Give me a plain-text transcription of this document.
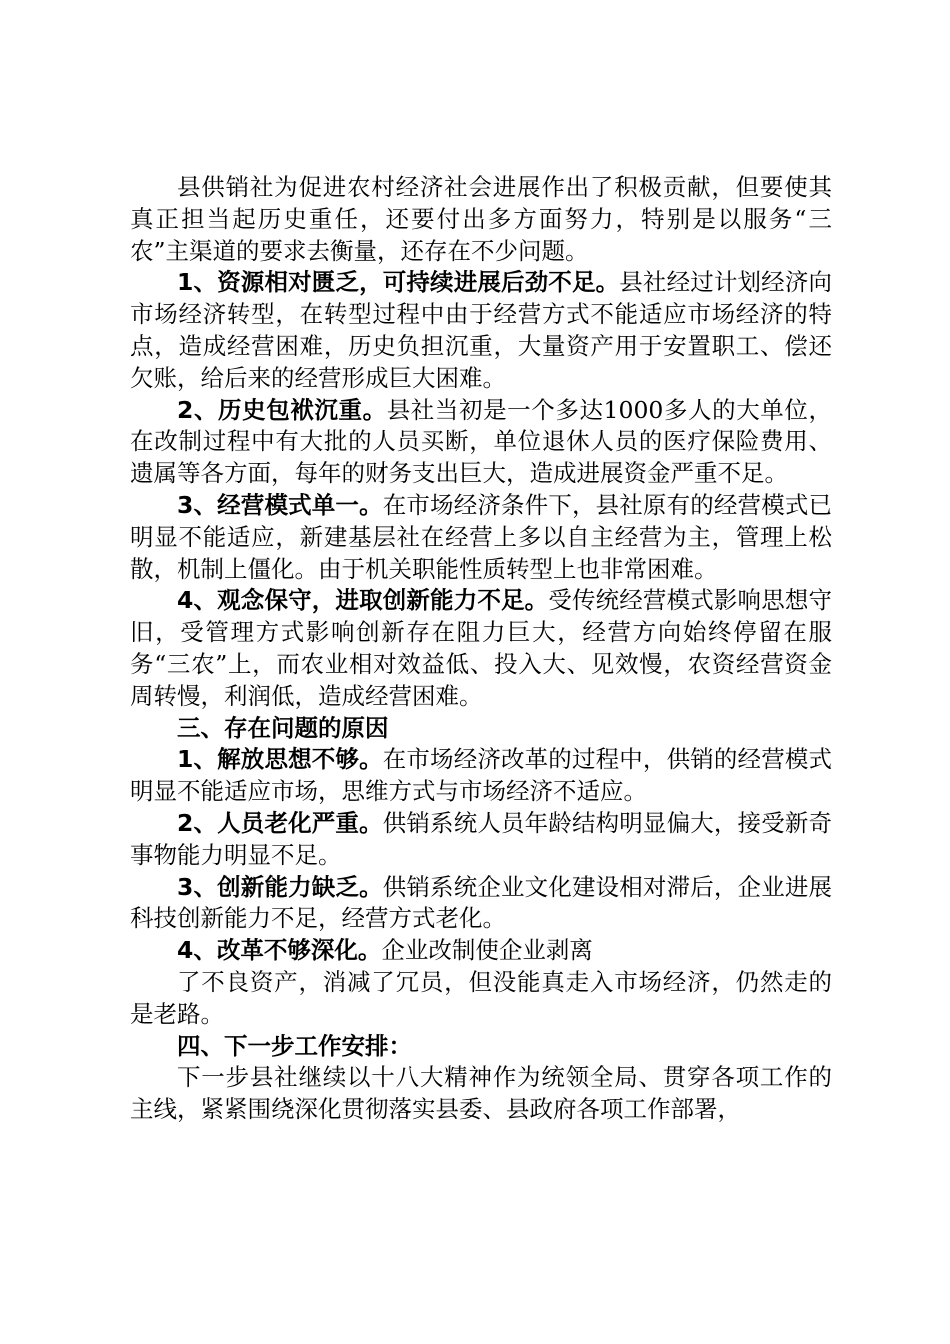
县供销社为促进农村经济社会进展作出了积极贡献，但要使其真正担当起历史重任，还要付出多方面努力，特别是以服务“三农”主渠道的要求去衡量，还存在不少问题。

1、资源相对匮乏，可持续进展后劲不足。县社经过计划经济向市场经济转型，在转型过程中由于经营方式不能适应市场经济的特点，造成经营困难，历史负担沉重，大量资产用于安置职工、偿还欠账，给后来的经营形成巨大困难。

2、历史包袱沉重。县社当初是一个多达1000多人的大单位，在改制过程中有大批的人员买断，单位退休人员的医疗保险费用、遗属等各方面，每年的财务支出巨大，造成进展资金严重不足。

3、经营模式单一。在市场经济条件下，县社原有的经营模式已明显不能适应，新建基层社在经营上多以自主经营为主，管理上松散，机制上僵化。由于机关职能性质转型上也非常困难。

4、观念保守，进取创新能力不足。受传统经营模式影响思想守旧，受管理方式影响创新存在阻力巨大，经营方向始终停留在服务“三农”上，而农业相对效益低、投入大、见效慢，农资经营资金周转慢，利润低，造成经营困难。

三、存在问题的原因

1、解放思想不够。在市场经济改革的过程中，供销的经营模式明显不能适应市场，思维方式与市场经济不适应。

2、人员老化严重。供销系统人员年龄结构明显偏大，接受新奇事物能力明显不足。

3、创新能力缺乏。供销系统企业文化建设相对滞后，企业进展科技创新能力不足，经营方式老化。

4、改革不够深化。企业改制使企业剥离

了不良资产，消减了冗员，但没能真走入市场经济，仍然走的是老路。

四、下一步工作安排：

下一步县社继续以十八大精神作为统领全局、贯穿各项工作的主线，紧紧围绕深化贯彻落实县委、县政府各项工作部署，
